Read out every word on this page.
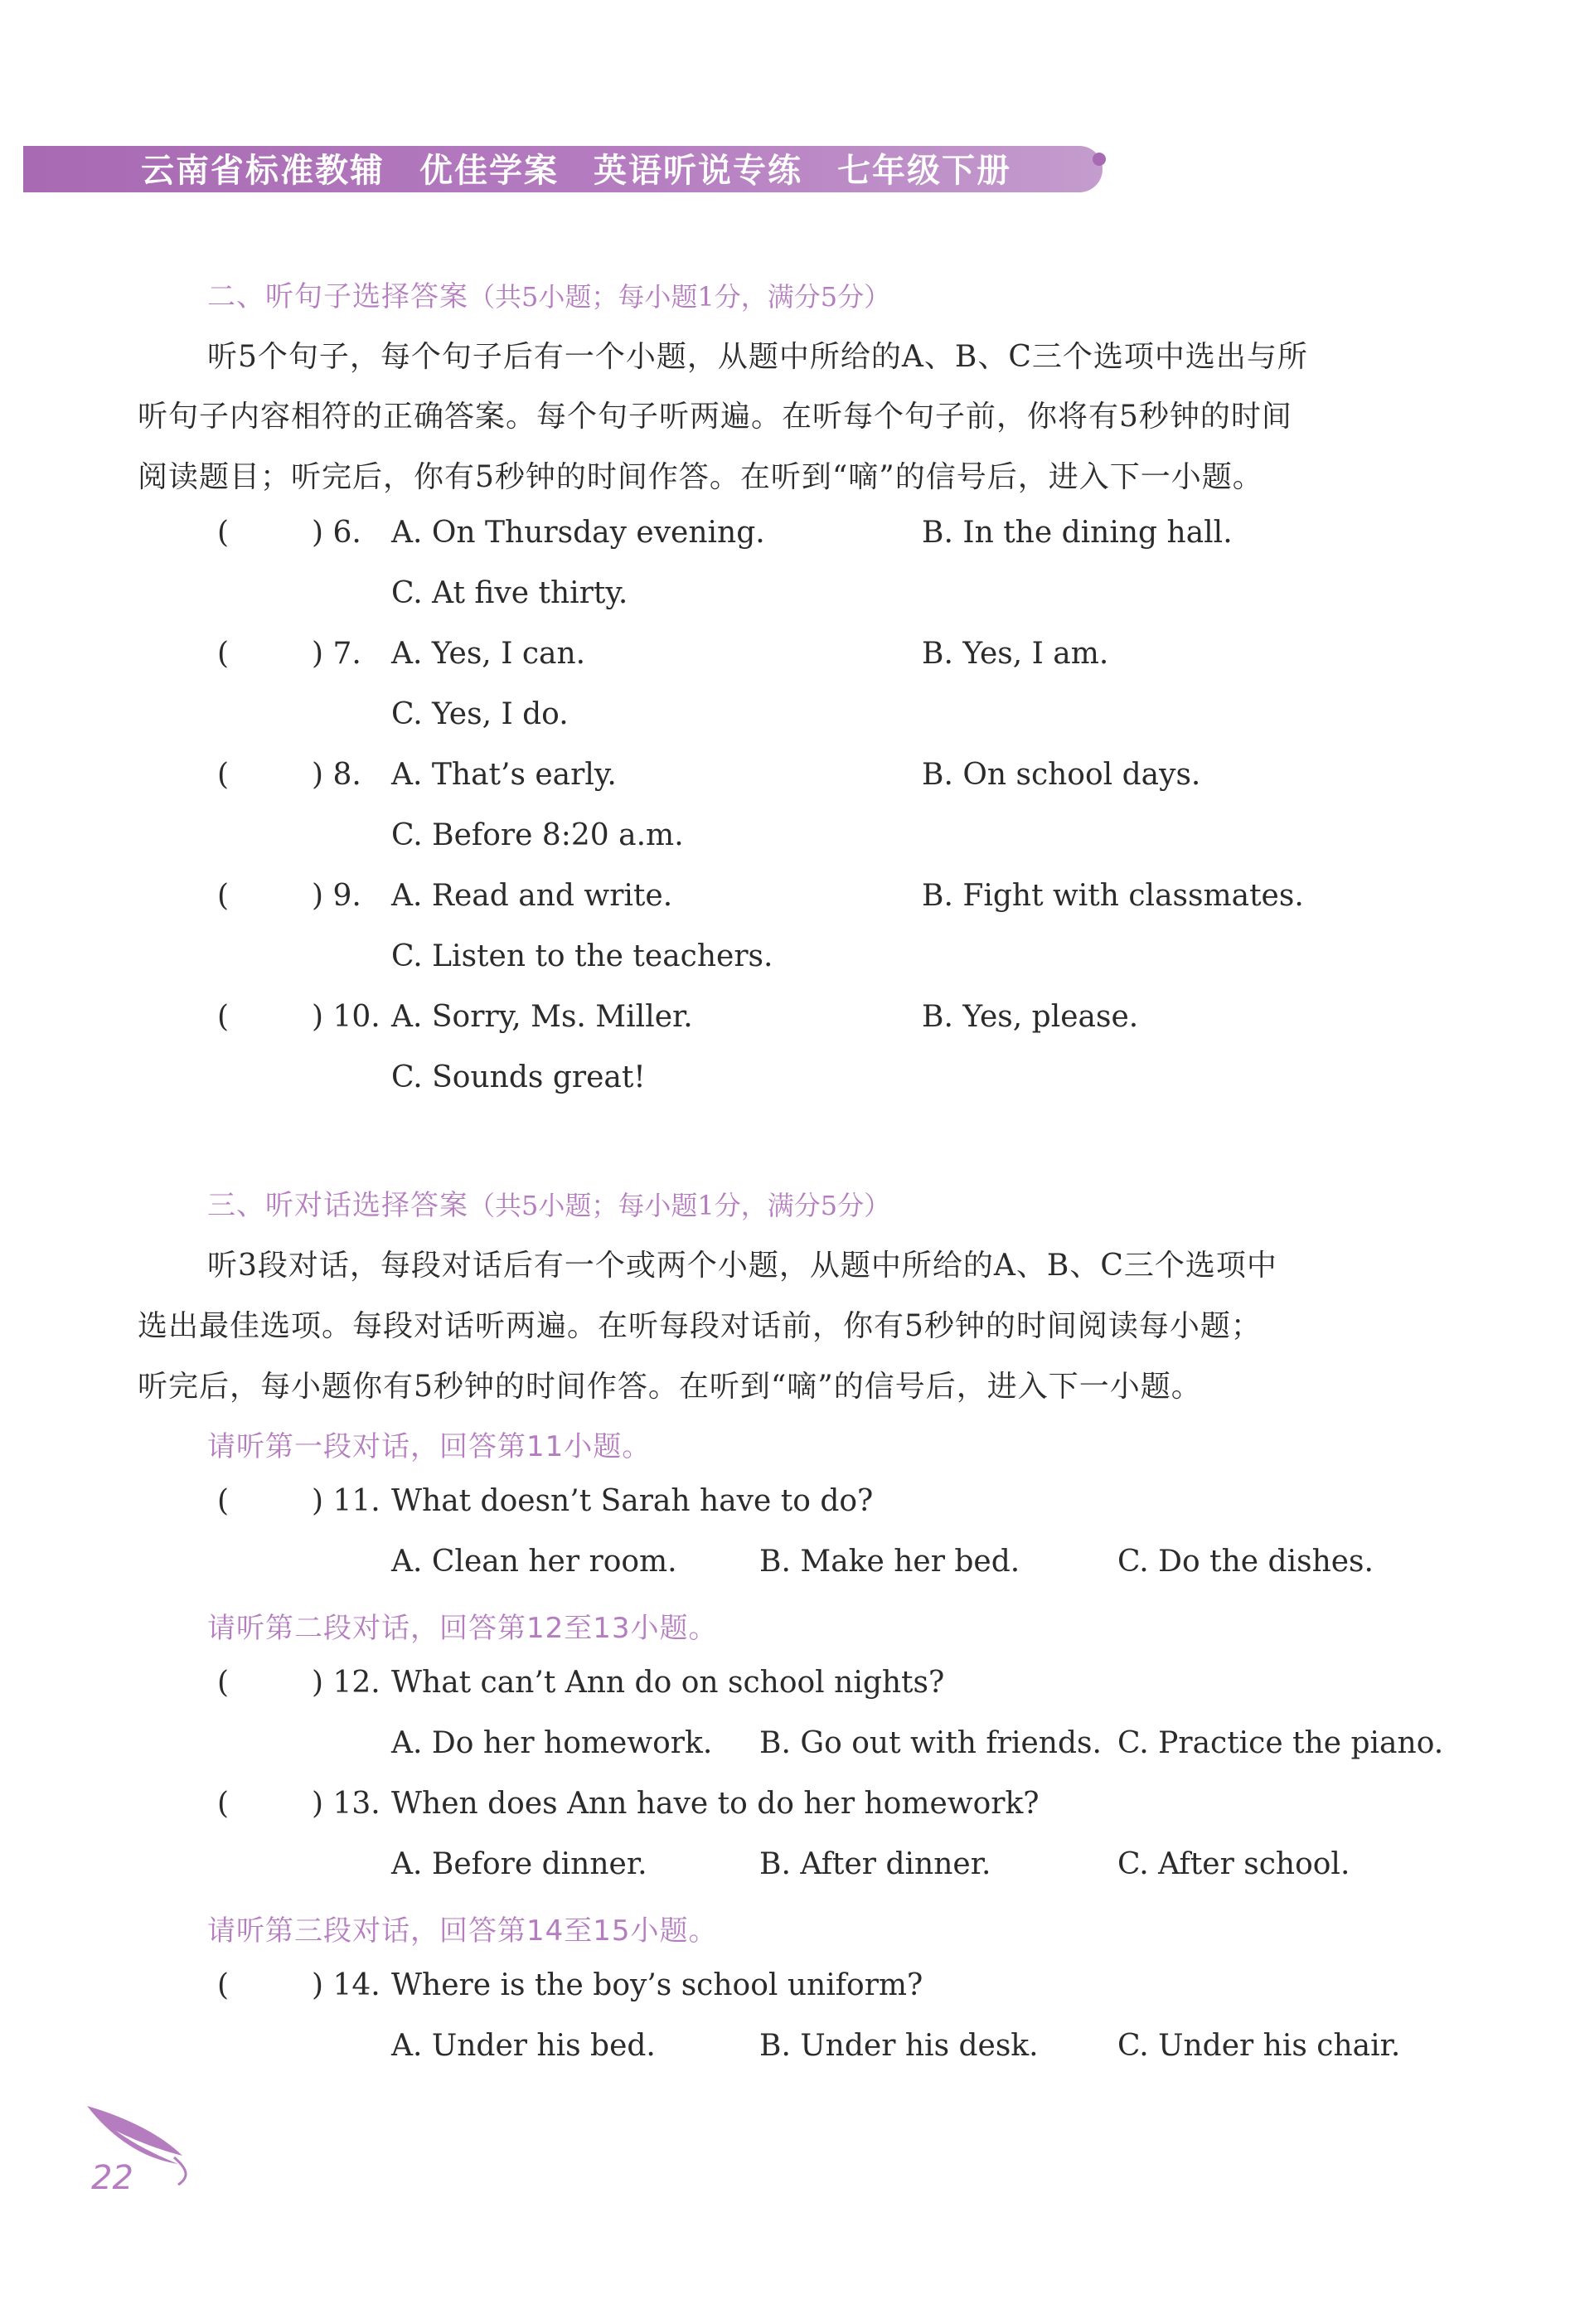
云南省标准教辅　优佳学案　英语听说专练　七年级下册
二、听句子选择答案（共5小题；每小题1分，满分5分）
听5个句子，每个句子后有一个小题，从题中所给的A、B、C三个选项中选出与所
听句子内容相符的正确答案。每个句子听两遍。在听每个句子前，你将有5秒钟的时间
阅读题目；听完后，你有5秒钟的时间作答。在听到“嘀”的信号后，进入下一小题。
(	) 6. A. On Thursday evening.	B. In the dining hall.
C. At five thirty.
(	) 7. A. Yes, I can.	B. Yes, I am.
C. Yes, I do.
(	) 8. A. That’s early.	B. On school days.
C. Before 8:20 a.m.
(	) 9. A. Read and write.	B. Fight with classmates.
C. Listen to the teachers.
(	) 10. A. Sorry, Ms. Miller.	B. Yes, please.
C. Sounds great!
三、听对话选择答案（共5小题；每小题1分，满分5分）
听3段对话，每段对话后有一个或两个小题，从题中所给的A、B、C三个选项中
选出最佳选项。每段对话听两遍。在听每段对话前，你有5秒钟的时间阅读每小题；
听完后，每小题你有5秒钟的时间作答。在听到“嘀”的信号后，进入下一小题。
请听第一段对话，回答第11小题。
(	) 11. What doesn’t Sarah have to do?
A. Clean her room.	B. Make her bed.	C. Do the dishes.
请听第二段对话，回答第12至13小题。
(	) 12. What can’t Ann do on school nights?
A. Do her homework. B. Go out with friends. C. Practice the piano.
(	) 13. When does Ann have to do her homework?
A. Before dinner.	B. After dinner.	C. After school.
请听第三段对话，回答第14至15小题。
(	) 14. Where is the boy’s school uniform?
A. Under his bed.	B. Under his desk.	C. Under his chair.
22
